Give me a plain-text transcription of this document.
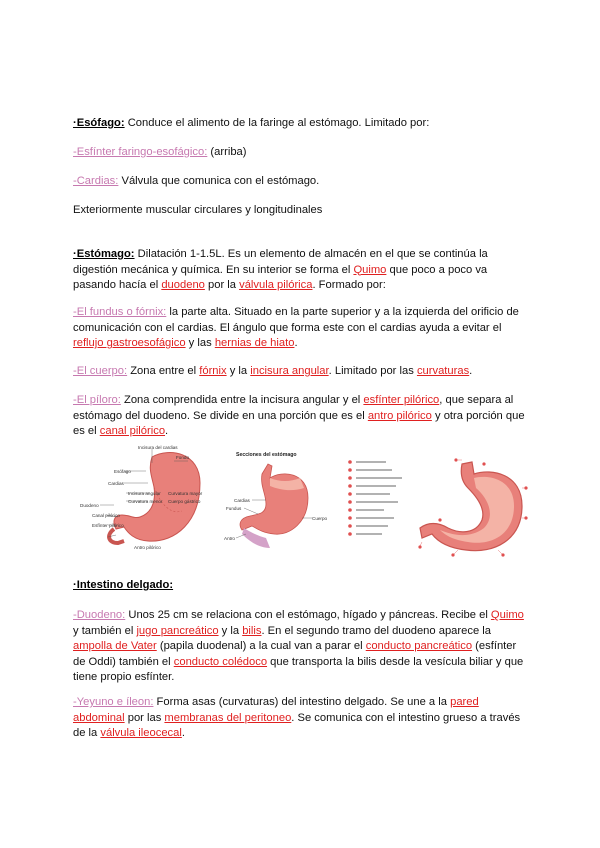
·Esófago: Conduce el alimento de la faringe al estómago. Limitado por:
-Esfínter faringo-esofágico: (arriba)
-Cardias: Válvula que comunica con el estómago.
Exteriormente muscular circulares y longitudinales
·Estómago: Dilatación 1-1.5L. Es un elemento de almacén en el que se continúa la digestión mecánica y química. En su interior se forma el Quimo que poco a poco va pasando hacía el duodeno por la válvula pilórica. Formado por:
-El fundus o fórnix: la parte alta. Situado en la parte superior y a la izquierda del orificio de comunicación con el cardias. El ángulo que forma este con el cardias ayuda a evitar el reflujo gastroesofágico y las hernias de hiato.
-El cuerpo: Zona entre el fórnix y la incisura angular. Limitado por las curvaturas.
-El píloro: Zona comprendida entre la incisura angular y el esfínter pilórico, que separa al estómago del duodeno. Se divide en una porción que es el antro pilórico y otra porción que es el canal pilórico.
Incisura del cardias
Fondo
Esófago
Cardias
Incisura angular
Curvatura menor
Curvatura mayor
Cuerpo gástrico
Duodeno
Canal pilórico
Esfínter pilórico
Antro pilórico
Secciones del estómago
Cardias
Cuerpo
Fundus
Antro
·Intestino delgado:
-Duodeno: Unos 25 cm se relaciona con el estómago, hígado y páncreas. Recibe el Quimo y también el jugo pancreático y la bilis. En el segundo tramo del duodeno aparece la ampolla de Vater (papila duodenal) a la cual van a parar el conducto pancreático (esfínter de Oddi) también el conducto colédoco que transporta la bilis desde la vesícula biliar y que tiene propio esfínter.
-Yeyuno e íleon: Forma asas (curvaturas) del intestino delgado. Se une a la pared abdominal por las membranas del peritoneo. Se comunica con el intestino grueso a través de la válvula ileocecal.
